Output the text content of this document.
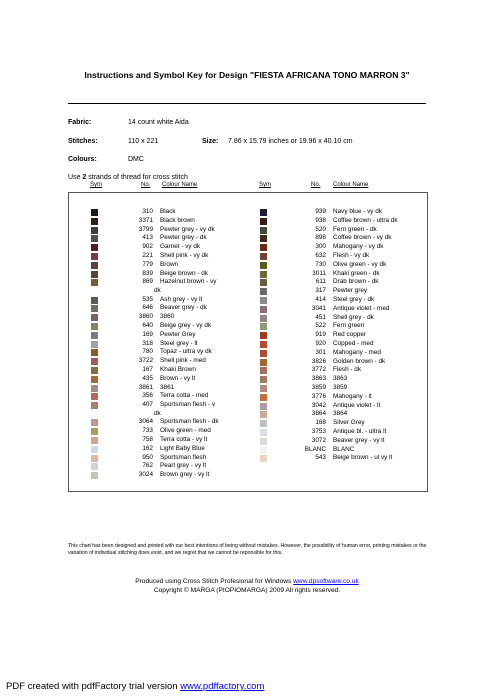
Instructions and Symbol Key for Design "FIESTA AFRICANA TONO MARRON 3"
Fabric:	14 count white Aida
Stitches:	110 x 221	Size: 7.86 x 15.79 inches or 19.96 x 40.10 cm
Colours:	DMC
Use 2 strands of thread for cross stitch
Sym	No. Colour Name	Sym	No. Colour Name
310 Black
3371 Black brown
3799 Pewter grey - vy dk
413 Pewter grey - dk
902 Garnet - vy dk
221 Shell pink - vy dk
779 Brown
839 Beige brown - dk
869 Hazelnut brown - vy
dk
535 Ash grey - vy lt
646 Beaver grey - dk
3860 3860
640 Beige grey - vy dk
169 Pewter Grey
318 Steel grey - lt
780 Topaz - ultra vy dk
3722 Shell pink - med
167 Khaki Brown
435 Brown - vy lt
3861 3861
356 Terra cotta - med
407 Sportsman flesh - v
dk
3064 Sportsman flesh - dk
733 Olive green - med
758 Terra cotta - vy lt
162 Light Baby Blue
950 Sportsman flesh
762 Pearl grey - vy lt
3024 Brown grey - vy lt
939 Navy blue - vy dk
938 Coffee brown - ultra dk
520 Fern green - dk
898 Coffee brown - vy dk
300 Mahogany - vy dk
632 Flesh - vy dk
730 Olive green - vy dk
3011 Khaki green - dk
611 Drab brown - dk
317 Pewter grey
414 Steel grey - dk
3041 Antique violet - med
451 Shell grey - dk
522 Fern green
919 Red copper
920 Copped - med
301 Mahogany - med
3826 Golden brown - dk
3772 Flesh - dk
3863 3863
3859 3859
3776 Mahogany - lt
3042 Antique violet - lt
3864 3864
168 Silver Grey
3753 Antique bl. - ultra lt
3072 Beaver grey - vy lt
BLANC BLANC
543 Beige brown - ul vy lt
This chart has been designed and printed with our best intentions of being without mistakes. However, the possibility of human error, printing mistakes or the variation of individual stitching does exist, and we regret that we cannot be reponsible for this.
Produced using Cross Stitch Profesional for Windows www.dpsoftware.co.uk
Copyright © MARGA (PIOPIOMARGA) 2009 All rights reserved.
PDF created with pdfFactory trial version www.pdffactory.com
